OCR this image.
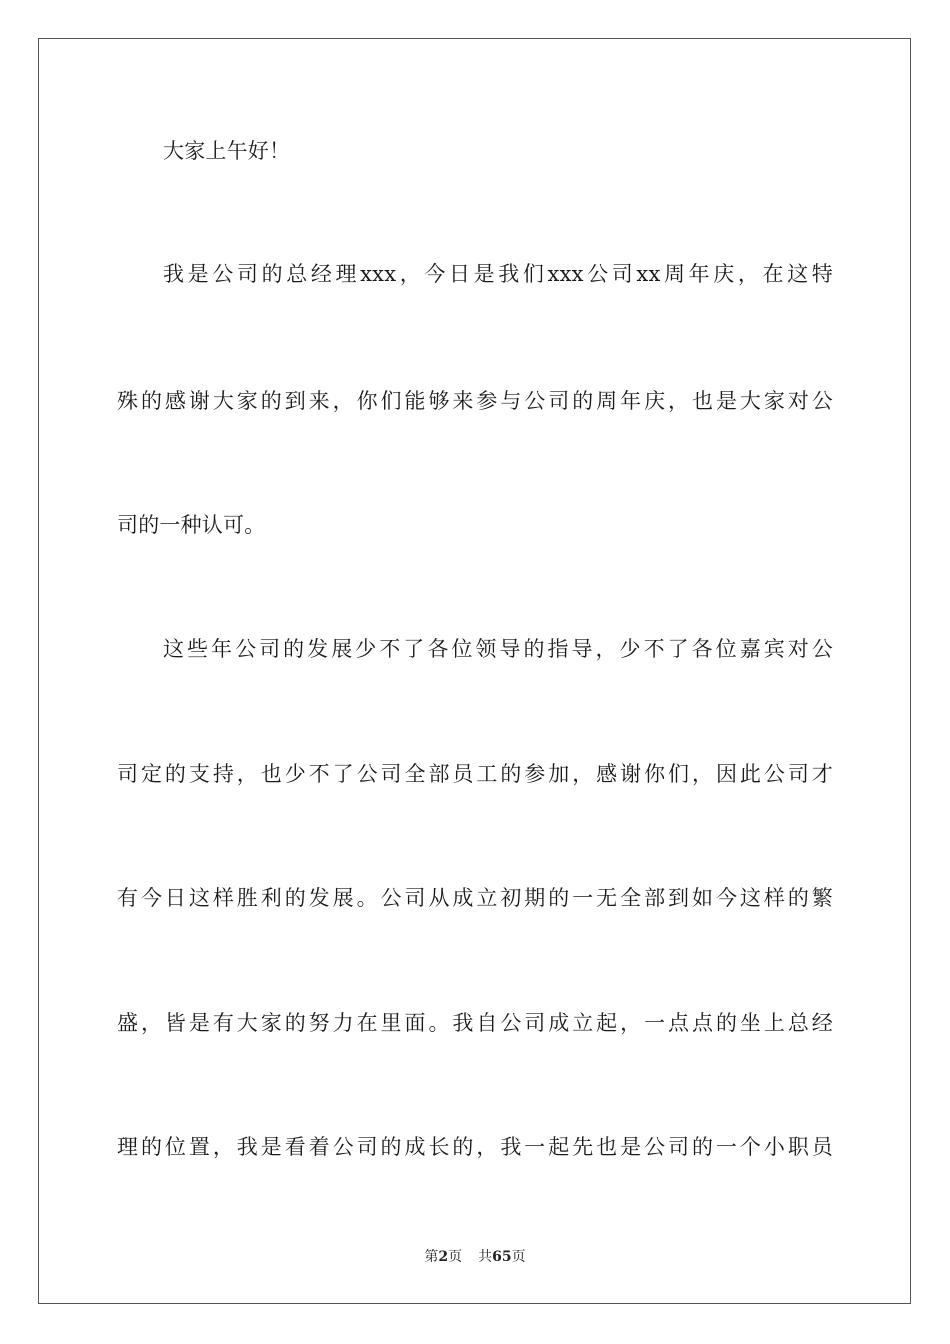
大家上午好！
我是公司的总经理xxx，今日是我们xxx公司xx周年庆，在这特
殊的感谢大家的到来，你们能够来参与公司的周年庆，也是大家对公
司的一种认可。
这些年公司的发展少不了各位领导的指导，少不了各位嘉宾对公
司定的支持，也少不了公司全部员工的参加，感谢你们，因此公司才
有今日这样胜利的发展。公司从成立初期的一无全部到如今这样的繁
盛，皆是有大家的努力在里面。我自公司成立起，一点点的坐上总经
理的位置，我是看着公司的成长的，我一起先也是公司的一个小职员
第2页 共65页
